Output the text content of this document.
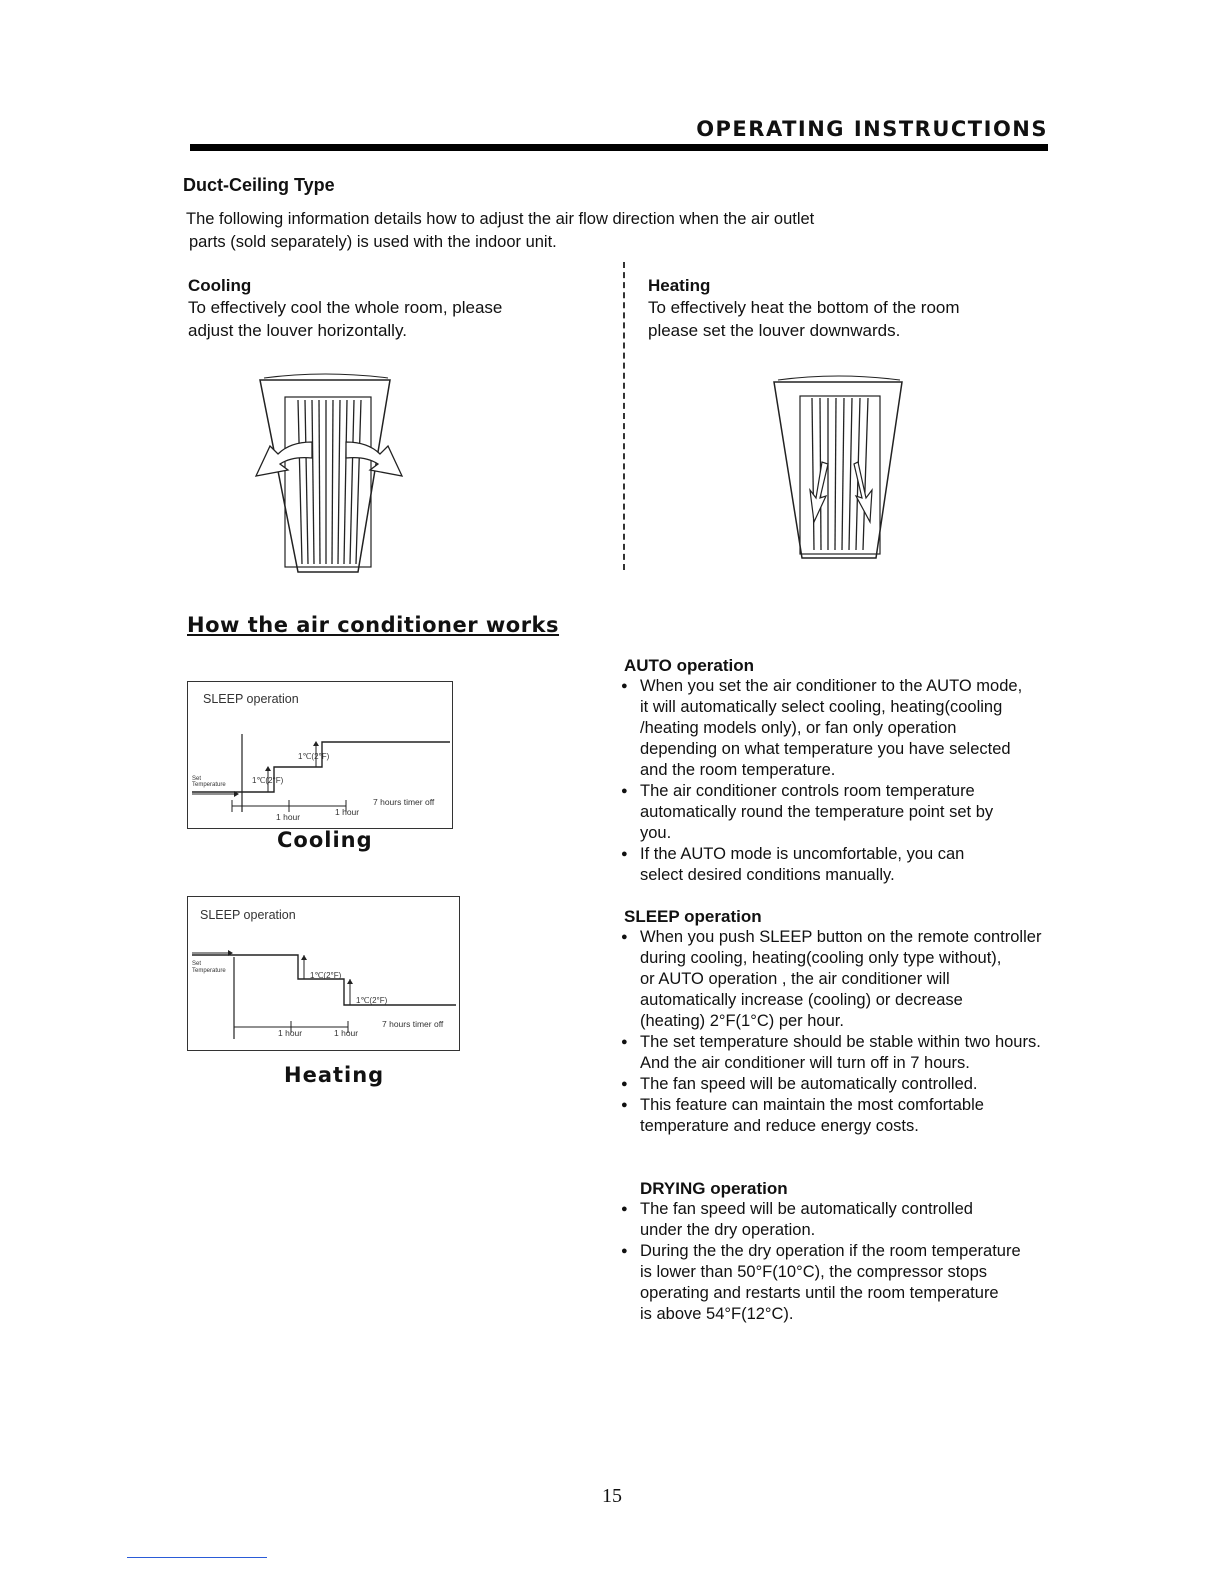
OPERATING INSTRUCTIONS
Duct-Ceiling Type
The following information details how to adjust the air flow direction when the air outlet
parts (sold separately) is used with the indoor unit.
Cooling
To effectively cool the whole room, please
adjust the louver horizontally.
Heating
To effectively heat the bottom of the room
please set the louver downwards.
How the air conditioner works
SLEEP operation
1℃(2°F)
1℃(2°F)
Set
Temperature
1 hour	1 hour
7 hours timer off
Cooling
SLEEP operation
1℃(2°F)
1℃(2°F)
Set
Temperature
1 hour	1 hour
7 hours timer off
Heating
AUTO operation
● When you set the air conditioner to the AUTO mode,
it will automatically select cooling, heating(cooling
/heating models only), or fan only operation
depending on what temperature you have selected
and the room temperature.
● The air conditioner controls room temperature
automatically round the temperature point set by
you.
● If the AUTO mode is uncomfortable, you can
select desired conditions manually.
SLEEP operation
● When you push SLEEP button on the remote controller
during cooling, heating(cooling only type without),
or AUTO operation , the air conditioner will
automatically increase (cooling) or decrease
(heating) 2°F(1°C) per hour.
● The set temperature should be stable within two hours.
And the air conditioner will turn off in 7 hours.
● The fan speed will be automatically controlled.
● This feature can maintain the most comfortable
temperature and reduce energy costs.
DRYING operation
● The fan speed will be automatically controlled
under the dry operation.
● During the the dry operation if the room temperature
is lower than 50°F(10°C), the compressor stops
operating and restarts until the room temperature
is above 54°F(12°C).
15
